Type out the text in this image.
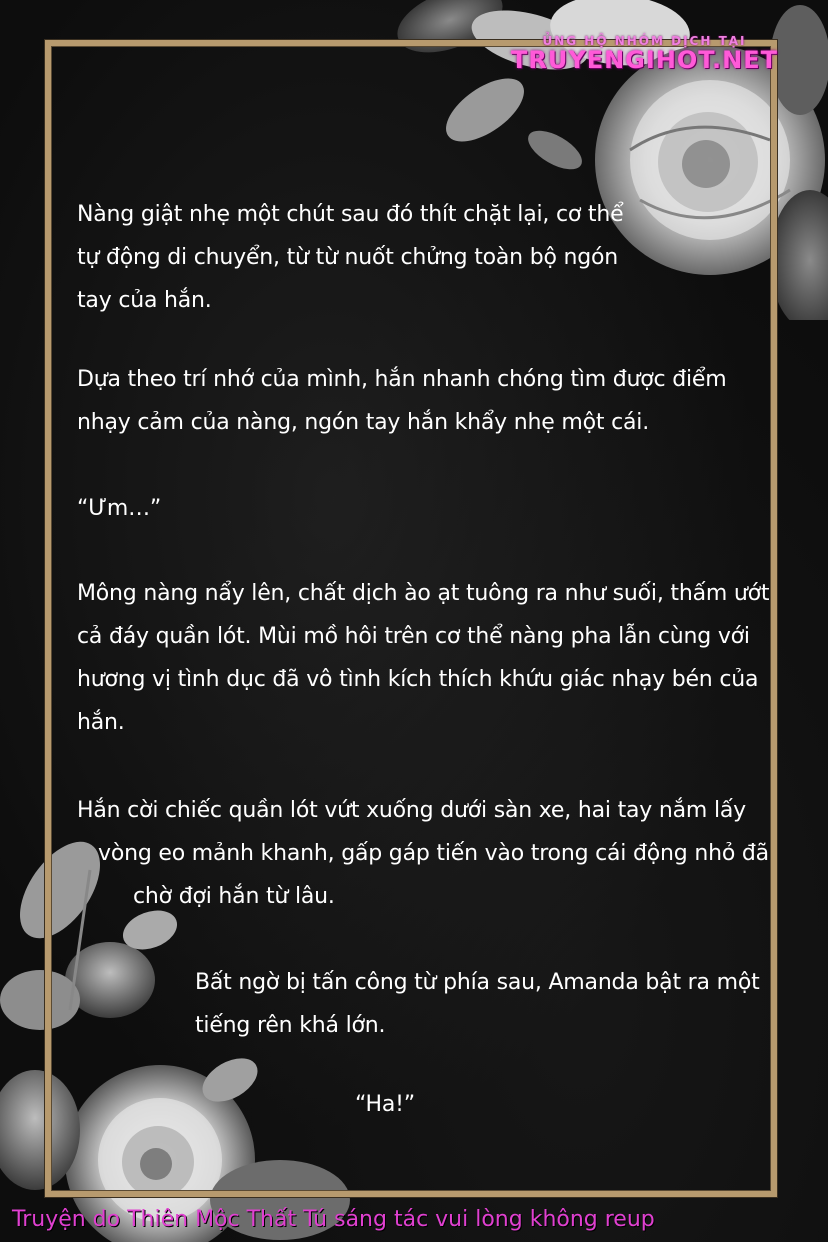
ỦNG HỘ NHÓM DỊCH TẠI
TRUYENGIHOT.NET
Nàng giật nhẹ một chút sau đó thít chặt lại, cơ thể
tự động di chuyển, từ từ nuốt chửng toàn bộ ngón
tay của hắn.
Dựa theo trí nhớ của mình, hắn nhanh chóng tìm được điểm
nhạy cảm của nàng, ngón tay hắn khẩy nhẹ một cái.
“Ưm…”
Mông nàng nẩy lên, chất dịch ào ạt tuông ra như suối, thấm ướt
cả đáy quần lót. Mùi mồ hôi trên cơ thể nàng pha lẫn cùng với
hương vị tình dục đã vô tình kích thích khứu giác nhạy bén của
hắn.
Hắn cời chiếc quần lót vứt xuống dưới sàn xe, hai tay nắm lấy
vòng eo mảnh khanh, gấp gáp tiến vào trong cái động nhỏ đã
chờ đợi hắn từ lâu.
Bất ngờ bị tấn công từ phía sau, Amanda bật ra một
tiếng rên khá lớn.
“Ha!”
Truyện do Thiên Mộc Thất Tú sáng tác vui lòng không reup
